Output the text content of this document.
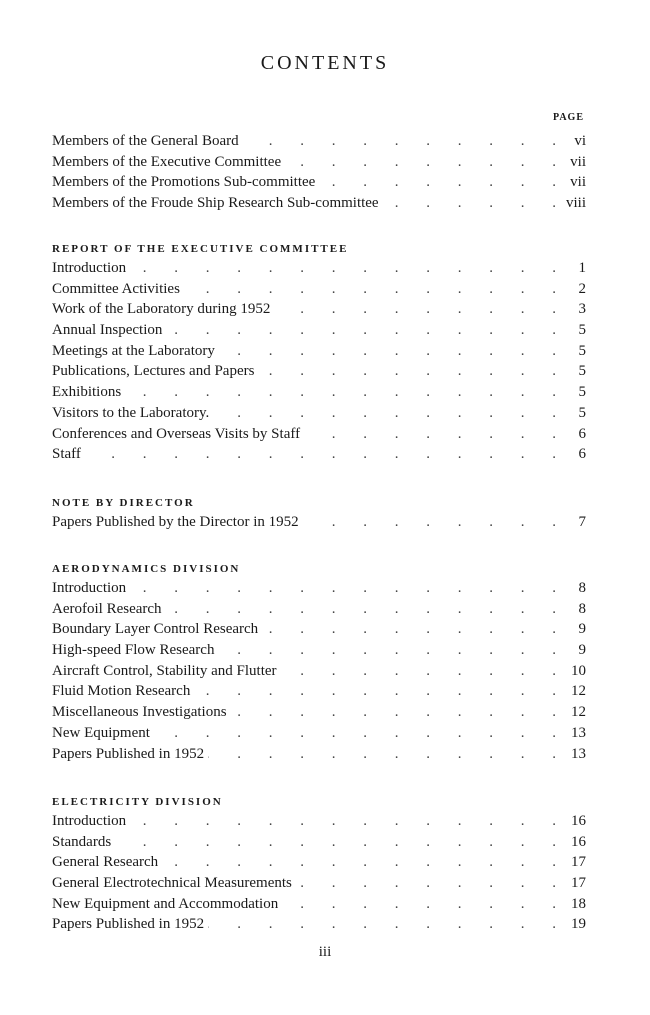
CONTENTS
PAGE
. . .
Members of the General Board	vi
. . .
Members of the Executive Committee	vii
. . .
Members of the Promotions Sub-committee	vii
. . .
Members of the Froude Ship Research Sub-committee	viii
REPORT OF THE EXECUTIVE COMMITTEE
. . .
Introduction	1
. . .
Committee Activities	2
. . .
Work of the Laboratory during 1952	3
. . .
Annual Inspection	5
. . .
Meetings at the Laboratory	5
. . .
Publications, Lectures and Papers	5
. . .
Exhibitions	5
. . .
Visitors to the Laboratory.	5
. . .
Conferences and Overseas Visits by Staff	6
. . .
Staff	6
NOTE BY DIRECTOR
. . .
Papers Published by the Director in 1952	7
AERODYNAMICS DIVISION
. . .
Introduction	8
. . .
Aerofoil Research	8
. . .
Boundary Layer Control Research	9
. . .
High-speed Flow Research	9
. . .
Aircraft Control, Stability and Flutter	10
. . .
Fluid Motion Research	12
. . .
Miscellaneous Investigations	12
. . .
New Equipment	13
. . .
Papers Published in 1952	13
ELECTRICITY DIVISION
. . .
Introduction	16
. . .
Standards	16
. . .
General Research	17
. . .
General Electrotechnical Measurements	17
. . .
New Equipment and Accommodation	18
. . .
Papers Published in 1952	19
iii
